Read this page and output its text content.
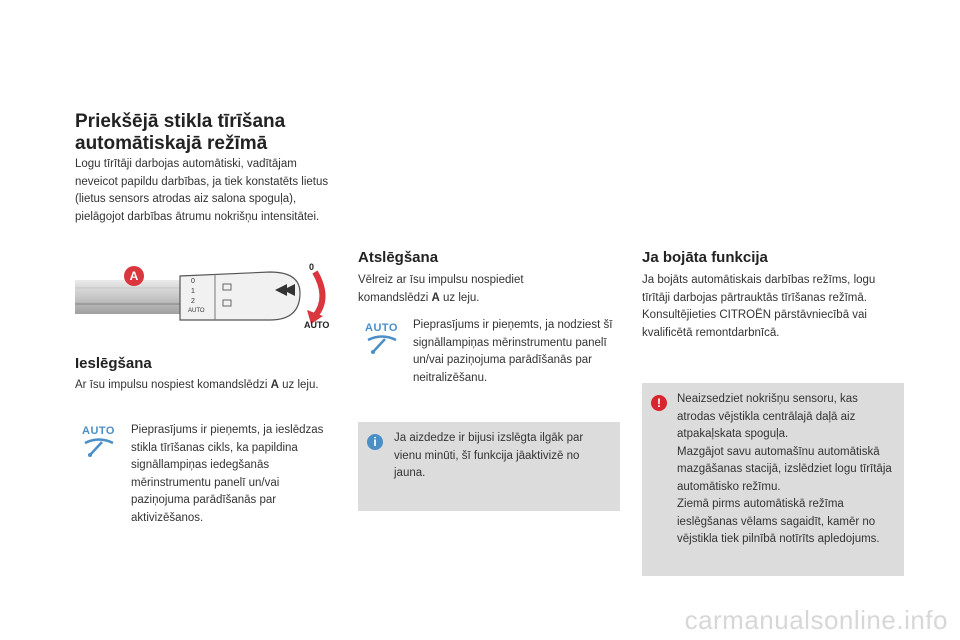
Priekšējā stikla tīrīšana automātiskajā režīmā

Logu tīrītāji darbojas automātiski, vadītājam neveicot papildu darbības, ja tiek konstatēts lietus (lietus sensors atrodas aiz salona spoguļa), pielāgojot darbības ātrumu nokrišņu intensitātei.

0
1
2
AUTO
A
0
AUTO
Ieslēgšana

Ar īsu impulsu nospiest komandslēdzi A uz leju.

AUTO Pieprasījums ir pieņemts, ja ieslēdzas stikla tīrīšanas cikls, ka papildina signāllampiņas iedegšanās mērinstrumentu panelī un/vai paziņojuma parādīšanās par aktivizēšanos.

Atslēgšana

Vēlreiz ar īsu impulsu nospiediet komandslēdzi A uz leju.

AUTO Pieprasījums ir pieņemts, ja nodziest šī signāllampiņas mērinstrumentu panelī un/vai paziņojuma parādīšanās par neitralizēšanu.

i	Ja aizdedze ir bijusi izslēgta ilgāk par vienu minūti, šī funkcija jāaktivizē no jauna.

Ja bojāta funkcija

Ja bojāts automātiskais darbības režīms, logu tīrītāji darbojas pārtrauktās tīrīšanas režīmā. Konsultējieties CITROËN pārstāvniecībā vai kvalificētā remontdarbnīcā.

!	Neaizsedziet nokrišņu sensoru, kas atrodas vējstikla centrālajā daļā aiz atpakaļskata spoguļa.

Mazgājot savu automašīnu automātiskā mazgāšanas stacijā, izslēdziet logu tīrītāja automātisko režīmu.

Ziemā pirms automātiskā režīma ieslēgšanas vēlams sagaidīt, kamēr no vējstikla tiek pilnībā notīrīts apledojums.

carmanualsonline.info
